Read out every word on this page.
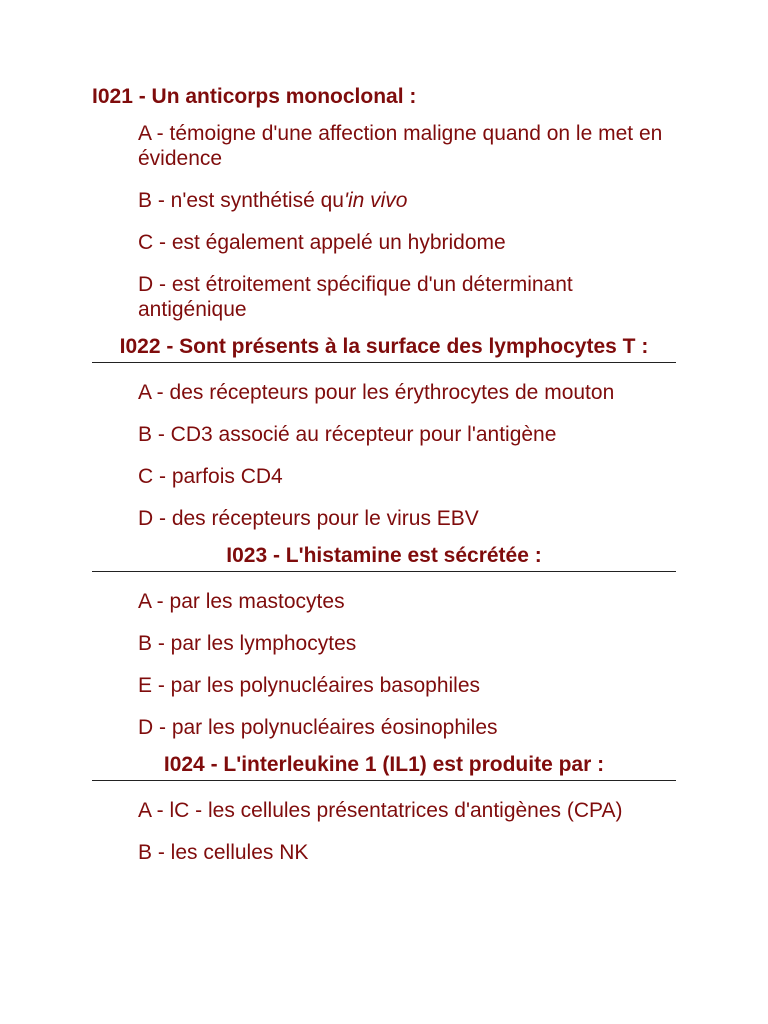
I021 - Un anticorps monoclonal :
A - témoigne d'une affection maligne quand on le met en évidence
B - n'est synthétisé qu'in vivo
C - est également appelé un hybridome
D - est étroitement spécifique d'un déterminant antigénique
I022 - Sont présents à la surface des lymphocytes T :
A - des récepteurs pour les érythrocytes de mouton
B - CD3 associé au récepteur pour l'antigène
C - parfois CD4
D - des récepteurs pour le virus EBV
I023 - L'histamine est sécrétée :
A - par les mastocytes
B - par les lymphocytes
E - par les polynucléaires basophiles
D - par les polynucléaires éosinophiles
I024 - L'interleukine 1 (IL1) est produite par :
A - lC - les cellules présentatrices d'antigènes (CPA)
B - les cellules NK
